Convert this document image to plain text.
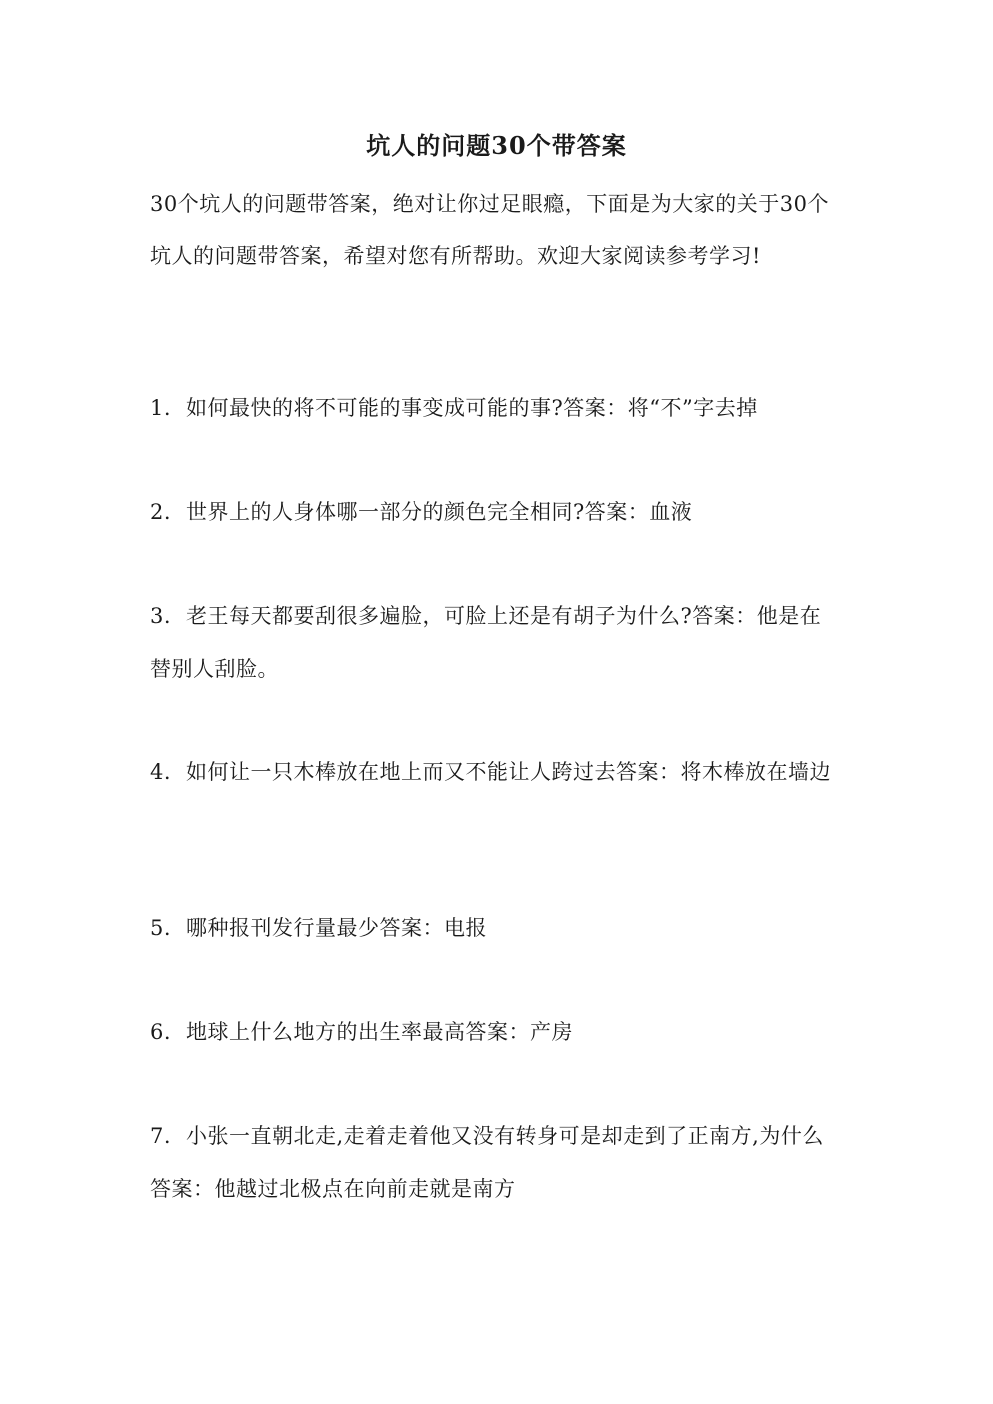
坑人的问题30个带答案

30个坑人的问题带答案，绝对让你过足眼瘾，下面是为大家的关于30个坑人的问题带答案，希望对您有所帮助。欢迎大家阅读参考学习!

1. 如何最快的将不可能的事变成可能的事?答案：将“不”字去掉

2. 世界上的人身体哪一部分的颜色完全相同?答案：血液

3. 老王每天都要刮很多遍脸，可脸上还是有胡子为什么?答案：他是在替别人刮脸。

4. 如何让一只木棒放在地上而又不能让人跨过去答案：将木棒放在墙边

5. 哪种报刊发行量最少答案：电报

6. 地球上什么地方的出生率最高答案：产房

7. 小张一直朝北走,走着走着他又没有转身可是却走到了正南方,为什么答案：他越过北极点在向前走就是南方
